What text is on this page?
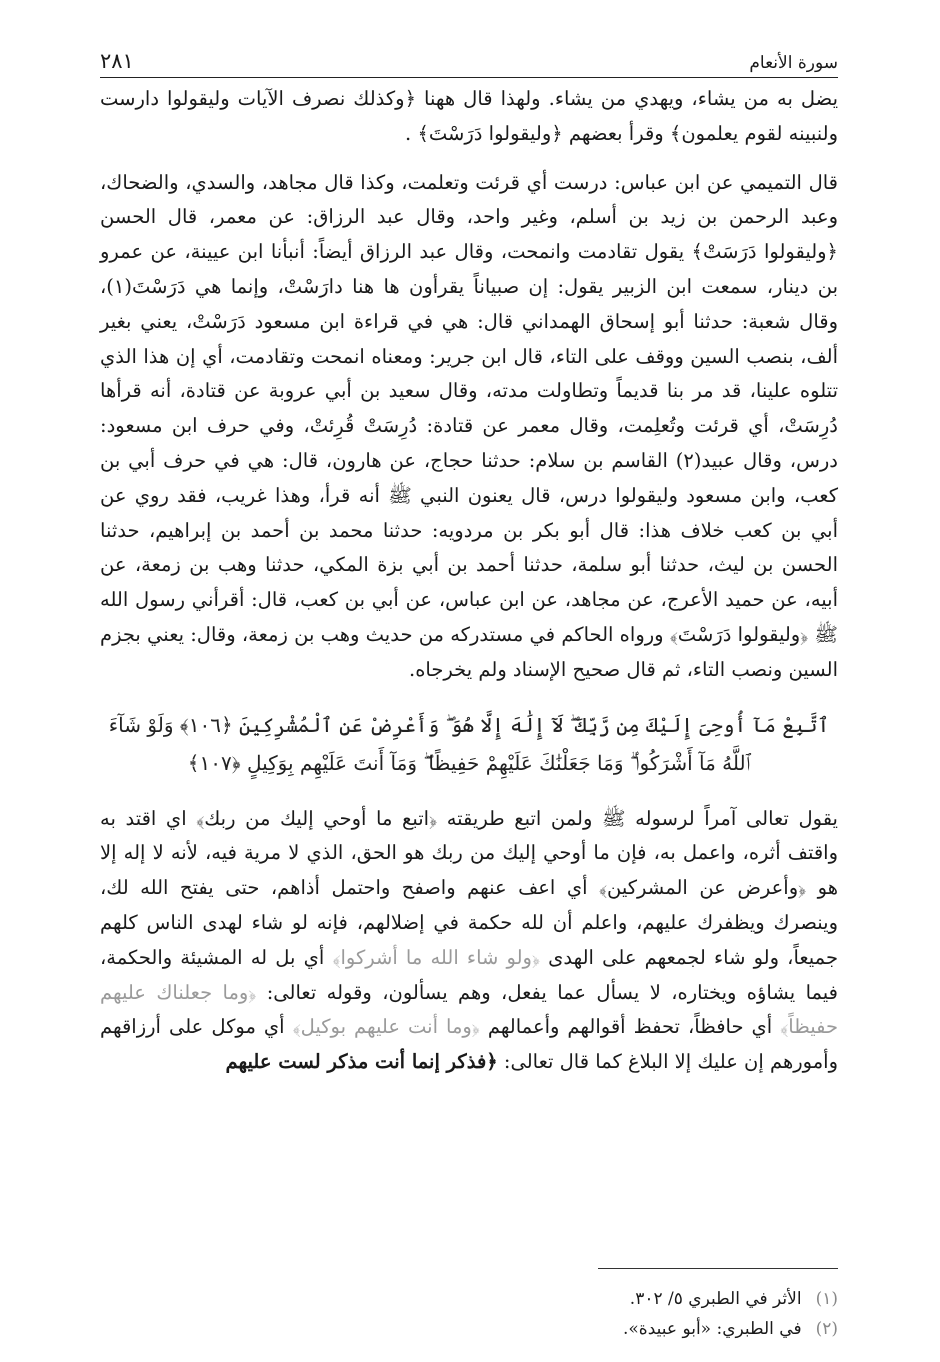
سورة الأنعام
٢٨١

يضل به من يشاء، ويهدي من يشاء. ولهذا قال ههنا ﴿وكذلك نصرف الآيات وليقولوا دارست ولنبينه لقوم يعلمون﴾ وقرأ بعضهم ﴿وليقولوا دَرَسْتَ﴾ .

قال التميمي عن ابن عباس: درست أي قرئت وتعلمت، وكذا قال مجاهد، والسدي، والضحاك، وعبد الرحمن بن زيد بن أسلم، وغير واحد، وقال عبد الرزاق: عن معمر، قال الحسن ﴿وليقولوا دَرَسَتْ﴾ يقول تقادمت وانمحت، وقال عبد الرزاق أيضاً: أنبأنا ابن عيينة، عن عمرو بن دينار، سمعت ابن الزبير يقول: إن صبياناً يقرأون ها هنا دارَسْتْ، وإنما هي دَرَسْتَ(١)، وقال شعبة: حدثنا أبو إسحاق الهمداني قال: هي في قراءة ابن مسعود دَرَسْتْ، يعني بغير ألف، بنصب السين ووقف على التاء، قال ابن جرير: ومعناه انمحت وتقادمت، أي إن هذا الذي تتلوه علينا، قد مر بنا قديماً وتطاولت مدته، وقال سعيد بن أبي عروبة عن قتادة، أنه قرأها دُرِسَتْ، أي قرئت وتُعلِمت، وقال معمر عن قتادة: دُرِسَتْ قُرِئتْ، وفي حرف ابن مسعود: درس، وقال عبيد(٢) القاسم بن سلام: حدثنا حجاج، عن هارون، قال: هي في حرف أبي بن كعب، وابن مسعود وليقولوا درس، قال يعنون النبي ﷺ أنه قرأ، وهذا غريب، فقد روي عن أبي بن كعب خلاف هذا: قال أبو بكر بن مردويه: حدثنا محمد بن أحمد بن إبراهيم، حدثنا الحسن بن ليث، حدثنا أبو سلمة، حدثنا أحمد بن أبي بزة المكي، حدثنا وهب بن زمعة، عن أبيه، عن حميد الأعرج، عن مجاهد، عن ابن عباس، عن أبي بن كعب، قال: أقرأني رسول الله ﷺ ﴿وليقولوا دَرَسْتَ﴾ ورواه الحاكم في مستدركه من حديث وهب بن زمعة، وقال: يعني بجزم السين ونصب التاء، ثم قال صحيح الإسناد ولم يخرجاه.

ٱتَّبِعْ مَآ أُوحِىَ إِلَيْكَ مِن رَّبِّكَ ۖ لَآ إِلَٰهَ إِلَّا هُوَ ۖ وَأَعْرِضْ عَنِ ٱلْمُشْرِكِينَ ﴿١٠٦﴾ وَلَوْ شَآءَ ٱللَّهُ مَآ أَشْرَكُوا۟ ۗ وَمَا جَعَلْنَٰكَ عَلَيْهِمْ حَفِيظًا ۖ وَمَآ أَنتَ عَلَيْهِم بِوَكِيلٍ ﴿١٠٧﴾

يقول تعالى آمراً لرسوله ﷺ ولمن اتبع طريقته ﴿اتبع ما أوحي إليك من ربك﴾ اي اقتد به واقتف أثره، واعمل به، فإن ما أوحي إليك من ربك هو الحق، الذي لا مرية فيه، لأنه لا إله إلا هو ﴿وأعرض عن المشركين﴾ أي اعف عنهم واصفح واحتمل أذاهم، حتى يفتح الله لك، وينصرك ويظفرك عليهم، واعلم أن لله حكمة في إضلالهم، فإنه لو شاء لهدى الناس كلهم جميعاً، ولو شاء لجمعهم على الهدى ﴿ولو شاء الله ما أشركوا﴾ أي بل له المشيئة والحكمة، فيما يشاؤه ويختاره، لا يسأل عما يفعل، وهم يسألون، وقوله تعالى: ﴿وما جعلناك عليهم حفيظاً﴾ أي حافظاً، تحفظ أقوالهم وأعمالهم ﴿وما أنت عليهم بوكيل﴾ أي موكل على أرزاقهم وأمورهم إن عليك إلا البلاغ كما قال تعالى: ﴿فذكر إنما أنت مذكر لست عليهم

(١)
الأثر في الطبري ٥/ ٣٠٢.
(٢)
في الطبري: «أبو عبيدة».
